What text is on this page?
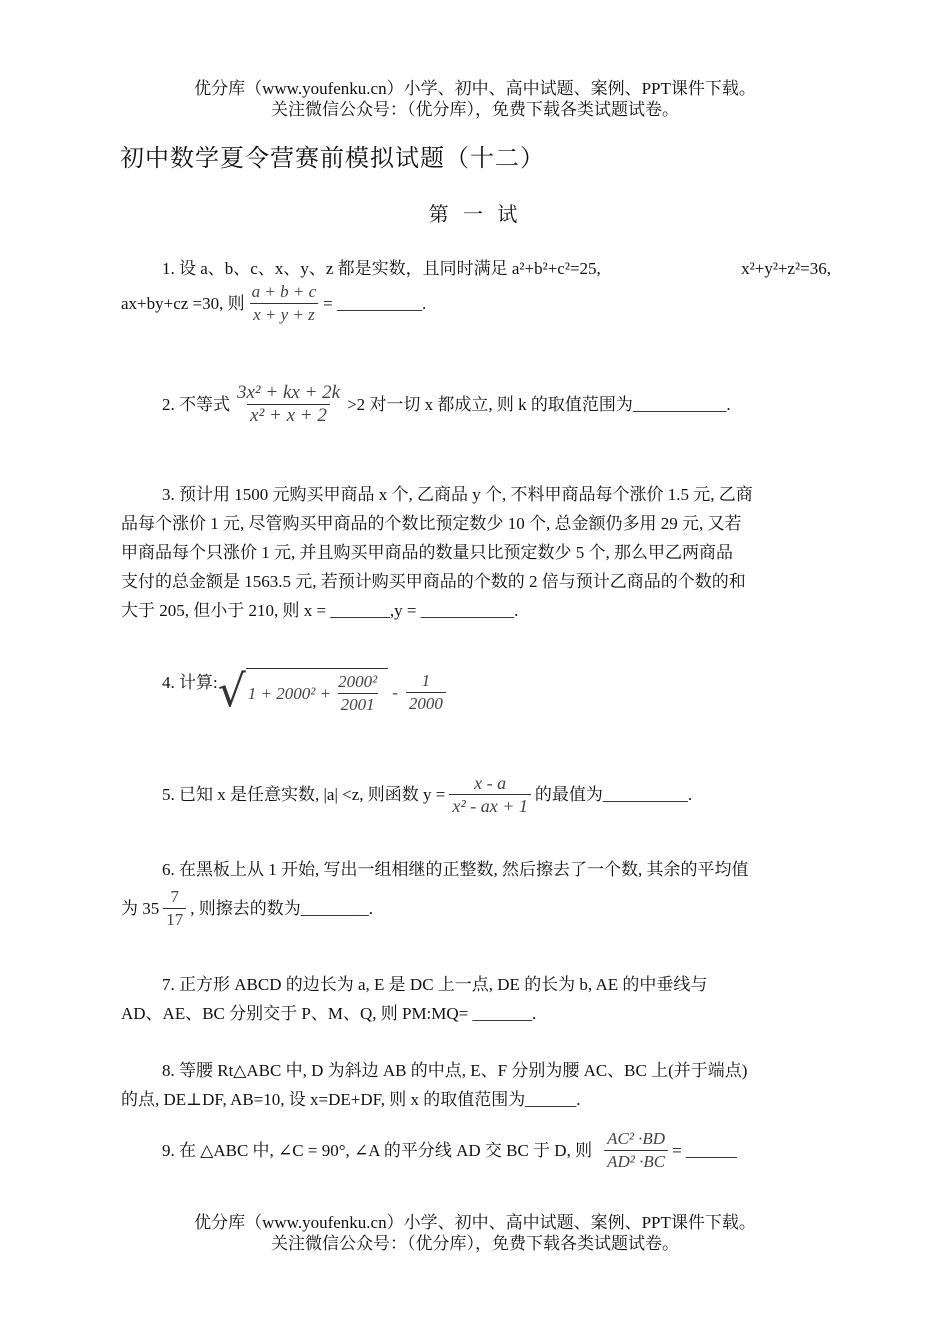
优分库（www.youfenku.cn）小学、初中、高中试题、案例、PPT课件下载。
关注微信公众号：（优分库），免费下载各类试题试卷。
初中数学夏令营赛前模拟试题（十二）
第 一 试
1. 设 a、b、c、x、y、z 都是实数，且同时满足 a²+b²+c²=25,	x²+y²+z²=36,
ax+by+cz =30, 则 $\frac{a + b + c}{x + y + z}$ = __________.
2. 不等式 $\frac{\text{3x² + kx + 2k}}{\text{x² + x + 2}} >2$ 对一切 x 都成立, 则 k 的取值范围为___________.
3. 预计用 1500 元购买甲商品 x 个, 乙商品 y 个, 不料甲商品每个涨价 1.5 元, 乙商
品每个涨价 1 元, 尽管购买甲商品的个数比预定数少 10 个, 总金额仍多用 29 元, 又若
甲商品每个只涨价 1 元, 并且购买甲商品的数量只比预定数少 5 个, 那么甲乙两商品
支付的总金额是 1563.5 元, 若预计购买甲商品的个数的 2 倍与预计乙商品的个数的和
大于 205, 但小于 210, 则 x = _______,y = ___________.
4. 计算: √ $1 + 2000^2 + \frac{\text{2000²}}{2001} - \frac{1}{2000}$
5. 已知 x 是任意实数, |a| <z, 则函数 $y = \frac{x - a}{\text{x² - ax + 1}}$ 的最值为__________.
6. 在黑板上从 1 开始, 写出一组相继的正整数, 然后擦去了一个数, 其余的平均值
为 $35 \frac{7}{17}$ , 则擦去的数为________.
7. 正方形 ABCD 的边长为 a, E 是 DC 上一点, DE 的长为 b, AE 的中垂线与
AD、AE、BC 分别交于 P、M、Q, 则 PM:MQ= _______.
8. 等腰 Rt△ABC 中, D 为斜边 AB 的中点, E、F 分别为腰 AC、BC 上(并于端点)
的点, DE⊥DF, AB=10, 设 x=DE+DF, 则 x 的取值范围为______.
9. 在 △ABC 中, ∠C = 90°, ∠A 的平分线 AD 交 BC 于 D, 则 $\frac{\text{AC² ·BD}}{\text{AD² ·BC}}$ = ______
优分库（www.youfenku.cn）小学、初中、高中试题、案例、PPT课件下载。
关注微信公众号：（优分库），免费下载各类试题试卷。
